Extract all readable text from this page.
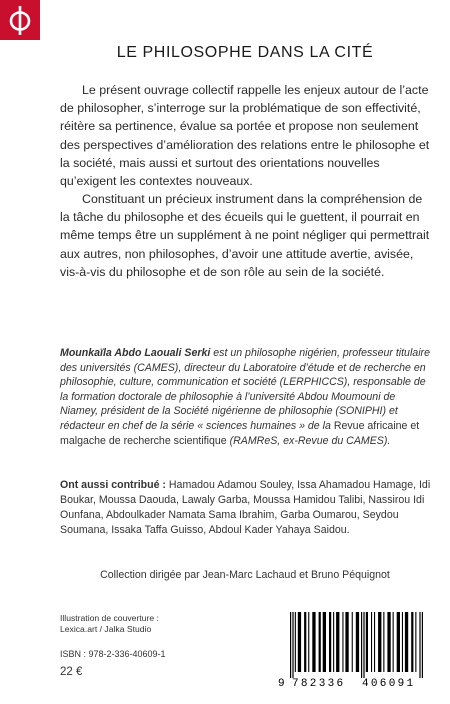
LE PHILOSOPHE DANS LA CITÉ

Le présent ouvrage collectif rappelle les enjeux autour de l’acte de philosopher, s’interroge sur la problématique de son effectivité, réitère sa pertinence, évalue sa portée et propose non seulement des perspectives d’amélioration des relations entre le philosophe et la société, mais aussi et surtout des orientations nouvelles qu’exigent les contextes nouveaux.

Constituant un précieux instrument dans la compréhension de la tâche du philosophe et des écueils qui le guettent, il pourrait en même temps être un supplément à ne point négliger qui permettrait aux autres, non philosophes, d’avoir une attitude avertie, avisée, vis-à-vis du philosophe et de son rôle au sein de la société.

Mounkaïla Abdo Laouali Serki est un philosophe nigérien, professeur titulaire des universités (CAMES), directeur du Laboratoire d’étude et de recherche en philosophie, culture, communication et société (LERPHICCS), responsable de la formation doctorale de philosophie à l’université Abdou Moumouni de Niamey, président de la Société nigérienne de philosophie (SONIPHI) et rédacteur en chef de la série « sciences humaines » de la Revue africaine et malgache de recherche scientifique (RAMReS, ex-Revue du CAMES).

Ont aussi contribué : Hamadou Adamou Souley, Issa Ahamadou Hamage, Idi Boukar, Moussa Daouda, Lawaly Garba, Moussa Hamidou Talibi, Nassirou Idi Ounfana, Abdoulkader Namata Sama Ibrahim, Garba Oumarou, Seydou Soumana, Issaka Taffa Guisso, Abdoul Kader Yahaya Saidou.

Collection dirigée par Jean-Marc Lachaud et Bruno Péquignot

Illustration de couverture :
Lexica.art / Jalka Studio

ISBN : 978-2-336-40609-1

22 €

9 782336 406091
